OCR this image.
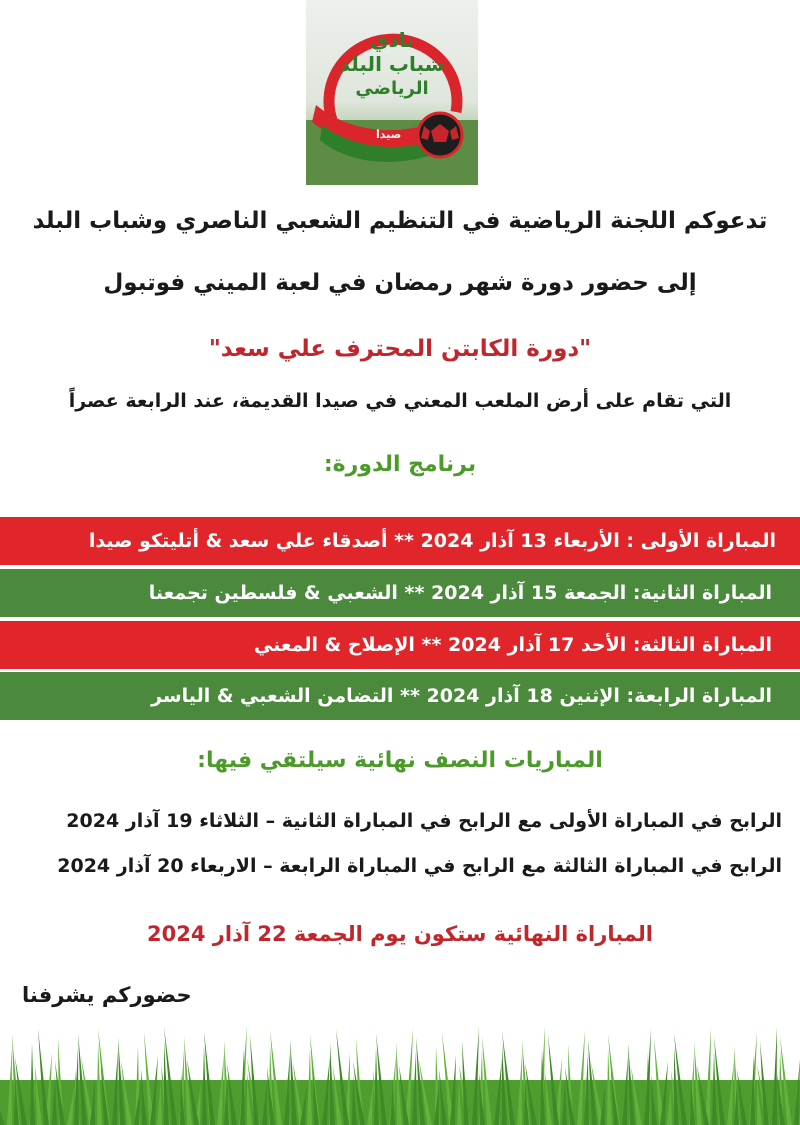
نادي
شباب البلد
الرياضي
صيدا
تدعوكم اللجنة الرياضية في التنظيم الشعبي الناصري وشباب البلد
إلى حضور دورة شهر رمضان في لعبة الميني فوتبول
"دورة الكابتن المحترف علي سعد"
التي تقام على أرض الملعب المعني في صيدا القديمة، عند الرابعة عصراً
برنامج الدورة:
المباراة الأولى : الأربعاء 13 آذار 2024 ** أصدقاء علي سعد & أتليتكو صيدا
المباراة الثانية: الجمعة 15 آذار 2024 ** الشعبي & فلسطين تجمعنا
المباراة الثالثة: الأحد 17 آذار 2024 ** الإصلاح & المعني
المباراة الرابعة: الإثنين 18 آذار 2024 ** التضامن الشعبي & الياسر
المباريات النصف نهائية سيلتقي فيها:
الرابح في المباراة الأولى مع الرابح في المباراة الثانية – الثلاثاء 19 آذار 2024
الرابح في المباراة الثالثة مع الرابح في المباراة الرابعة – الاربعاء 20 آذار 2024
المباراة النهائية ستكون يوم الجمعة 22 آذار 2024
حضوركم يشرفنا
